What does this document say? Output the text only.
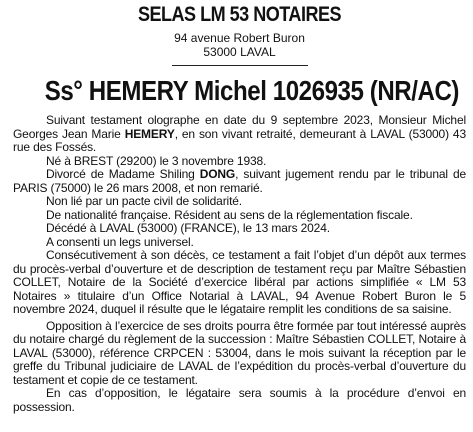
SELAS LM 53 NOTAIRES
94 avenue Robert Buron
53000 LAVAL
Ss° HEMERY Michel 1026935 (NR/AC)

Suivant testament olographe en date du 9 septembre 2023, Monsieur Michel Georges Jean Marie HEMERY, en son vivant retraité, demeurant à LAVAL (53000) 43 rue des Fossés.

Né à BREST (29200) le 3 novembre 1938.

Divorcé de Madame Shiling DONG, suivant jugement rendu par le tribunal de PARIS (75000) le 26 mars 2008, et non remarié.

Non lié par un pacte civil de solidarité.

De nationalité française. Résident au sens de la réglementation fiscale.

Décédé à LAVAL (53000) (FRANCE), le 13 mars 2024.

A consenti un legs universel.

Consécutivement à son décès, ce testament a fait l’objet d’un dépôt aux termes du procès-verbal d’ouverture et de description de testament reçu par Maître Sébastien COLLET, Notaire de la Société d’exercice libéral par actions simplifiée « LM 53 Notaires » titulaire d’un Office Notarial à LAVAL, 94 Avenue Robert Buron le 5 novembre 2024, duquel il résulte que le légataire remplit les conditions de sa saisine.

Opposition à l’exercice de ses droits pourra être formée par tout intéressé auprès du notaire chargé du règlement de la succession : Maître Sébastien COLLET, Notaire à LAVAL (53000), référence CRPCEN : 53004, dans le mois suivant la réception par le greffe du Tribunal judiciaire de LAVAL de l’expédition du procès-verbal d’ouverture du testament et copie de ce testament.

En cas d’opposition, le légataire sera soumis à la procédure d’envoi en possession.
